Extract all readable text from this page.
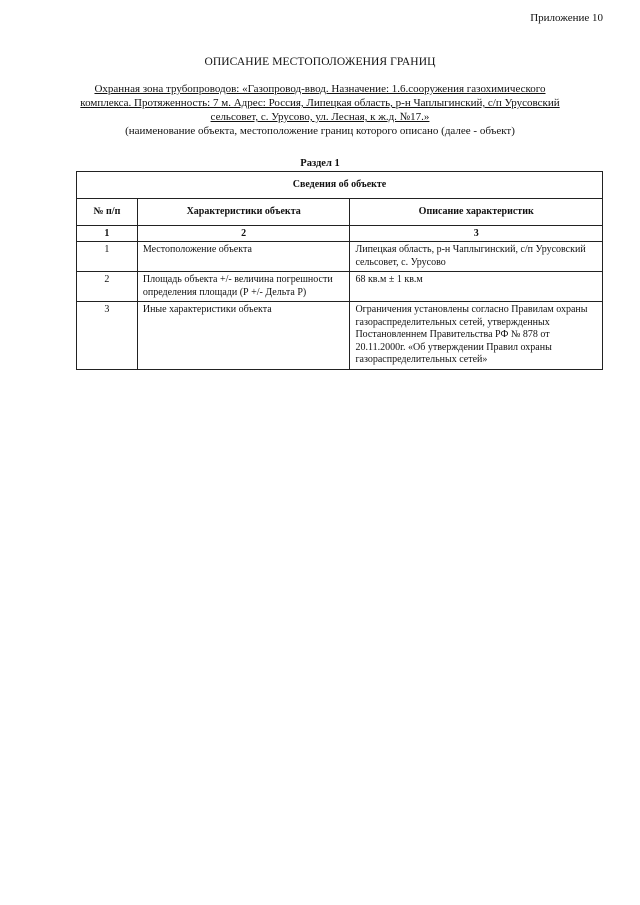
Приложение 10
ОПИСАНИЕ МЕСТОПОЛОЖЕНИЯ ГРАНИЦ
Охранная зона трубопроводов: «Газопровод-ввод. Назначение: 1.6.сооружения газохимического комплекса. Протяженность: 7 м. Адрес: Россия, Липецкая область, р-н Чаплыгинский, с/п Урусовский сельсовет, с. Урусово, ул. Лесная, к ж.д. №17.»
(наименование объекта, местоположение границ которого описано (далее - объект)
Раздел 1
Сведения об объекте		
№ п/п	Характеристики объекта	Описание характеристик
1	2	3
1	Местоположение объекта	Липецкая область, р-н Чаплыгинский, с/п Урусовский сельсовет, с. Урусово
2	Площадь объекта +/- величина погрешности определения площади (Р +/- Дельта Р)	68 кв.м ± 1 кв.м
3	Иные характеристики объекта	Ограничения установлены согласно Правилам охраны газораспределительных сетей, утвержденных Постановленнем Правительства РФ № 878 от 20.11.2000г. «Об утверждении Правил охраны газораспределительных сетей»
